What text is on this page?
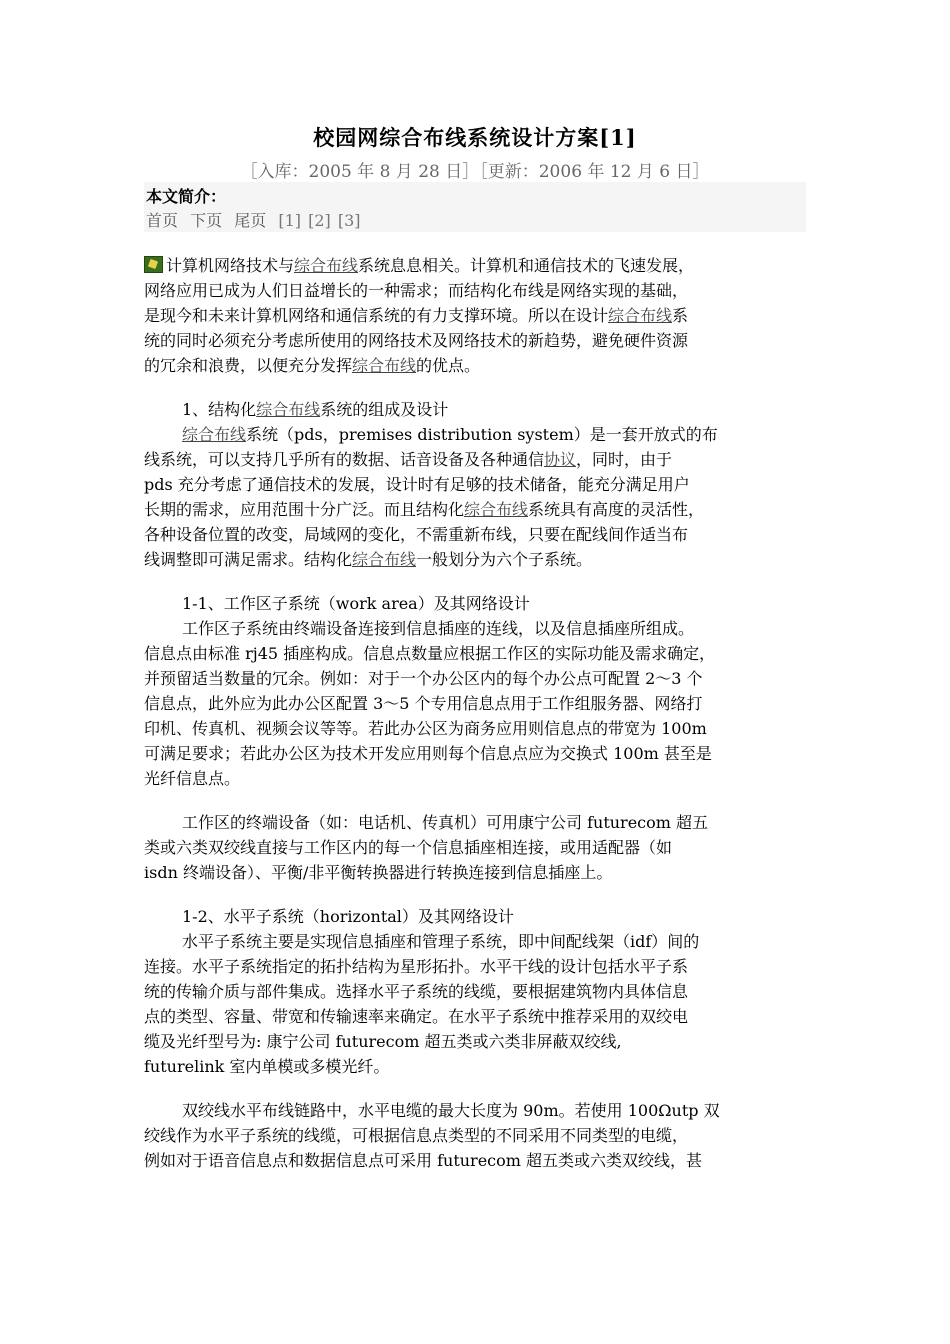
校园网综合布线系统设计方案[1]
［入库：2005 年 8 月 28 日］［更新：2006 年 12 月 6 日］
本文简介：
首页 下页 尾页 [1] [2] [3]
计算机网络技术与综合布线系统息息相关。计算机和通信技术的飞速发展，
网络应用已成为人们日益增长的一种需求；而结构化布线是网络实现的基础，
是现今和未来计算机网络和通信系统的有力支撑环境。所以在设计综合布线系
统的同时必须充分考虑所使用的网络技术及网络技术的新趋势，避免硬件资源
的冗余和浪费，以便充分发挥综合布线的优点。
1、结构化综合布线系统的组成及设计
综合布线系统（pds，premises distribution system）是一套开放式的布
线系统，可以支持几乎所有的数据、话音设备及各种通信协议，同时，由于
pds 充分考虑了通信技术的发展，设计时有足够的技术储备，能充分满足用户
长期的需求，应用范围十分广泛。而且结构化综合布线系统具有高度的灵活性，
各种设备位置的改变，局域网的变化，不需重新布线，只要在配线间作适当布
线调整即可满足需求。结构化综合布线一般划分为六个子系统。
1-1、工作区子系统（work area）及其网络设计
工作区子系统由终端设备连接到信息插座的连线，以及信息插座所组成。
信息点由标准 rj45 插座构成。信息点数量应根据工作区的实际功能及需求确定，
并预留适当数量的冗余。例如：对于一个办公区内的每个办公点可配置 2～3 个
信息点，此外应为此办公区配置 3～5 个专用信息点用于工作组服务器、网络打
印机、传真机、视频会议等等。若此办公区为商务应用则信息点的带宽为 100m
可满足要求；若此办公区为技术开发应用则每个信息点应为交换式 100m 甚至是
光纤信息点。
工作区的终端设备（如：电话机、传真机）可用康宁公司 futurecom 超五
类或六类双绞线直接与工作区内的每一个信息插座相连接，或用适配器（如
isdn 终端设备）、平衡/非平衡转换器进行转换连接到信息插座上。
1-2、水平子系统（horizontal）及其网络设计
水平子系统主要是实现信息插座和管理子系统，即中间配线架（idf）间的
连接。水平子系统指定的拓扑结构为星形拓扑。水平干线的设计包括水平子系
统的传输介质与部件集成。选择水平子系统的线缆，要根据建筑物内具体信息
点的类型、容量、带宽和传输速率来确定。在水平子系统中推荐采用的双绞电
缆及光纤型号为: 康宁公司 futurecom 超五类或六类非屏蔽双绞线,
futurelink 室内单模或多模光纤。
双绞线水平布线链路中，水平电缆的最大长度为 90m。若使用 100Ωutp 双
绞线作为水平子系统的线缆，可根据信息点类型的不同采用不同类型的电缆，
例如对于语音信息点和数据信息点可采用 futurecom 超五类或六类双绞线，甚
